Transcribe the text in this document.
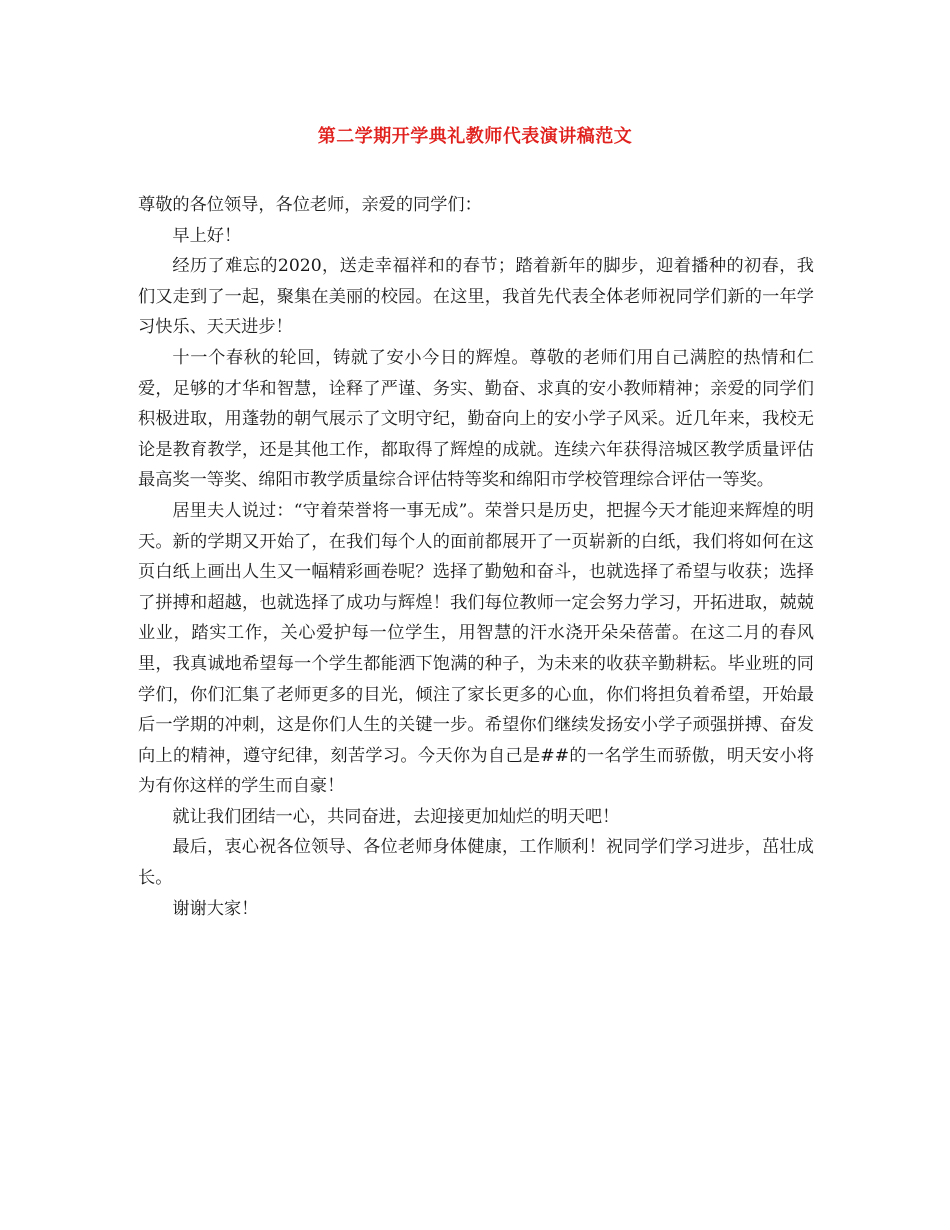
第二学期开学典礼教师代表演讲稿范文

尊敬的各位领导，各位老师，亲爱的同学们：

早上好！

经历了难忘的2020，送走幸福祥和的春节；踏着新年的脚步，迎着播种的初春，我们又走到了一起，聚集在美丽的校园。在这里，我首先代表全体老师祝同学们新的一年学习快乐、天天进步！

十一个春秋的轮回，铸就了安小今日的辉煌。尊敬的老师们用自己满腔的热情和仁爱，足够的才华和智慧，诠释了严谨、务实、勤奋、求真的安小教师精神；亲爱的同学们积极进取，用蓬勃的朝气展示了文明守纪，勤奋向上的安小学子风采。近几年来，我校无论是教育教学，还是其他工作，都取得了辉煌的成就。连续六年获得涪城区教学质量评估最高奖一等奖、绵阳市教学质量综合评估特等奖和绵阳市学校管理综合评估一等奖。

居里夫人说过：“守着荣誉将一事无成”。荣誉只是历史，把握今天才能迎来辉煌的明天。新的学期又开始了，在我们每个人的面前都展开了一页崭新的白纸，我们将如何在这页白纸上画出人生又一幅精彩画卷呢？选择了勤勉和奋斗，也就选择了希望与收获；选择了拼搏和超越，也就选择了成功与辉煌！我们每位教师一定会努力学习，开拓进取，兢兢业业，踏实工作，关心爱护每一位学生，用智慧的汗水浇开朵朵蓓蕾。在这二月的春风里，我真诚地希望每一个学生都能洒下饱满的种子，为未来的收获辛勤耕耘。毕业班的同学们，你们汇集了老师更多的目光，倾注了家长更多的心血，你们将担负着希望，开始最后一学期的冲刺，这是你们人生的关键一步。希望你们继续发扬安小学子顽强拼搏、奋发向上的精神，遵守纪律，刻苦学习。今天你为自己是##的一名学生而骄傲，明天安小将为有你这样的学生而自豪！

就让我们团结一心，共同奋进，去迎接更加灿烂的明天吧！

最后，衷心祝各位领导、各位老师身体健康，工作顺利！祝同学们学习进步，茁壮成长。

谢谢大家！
